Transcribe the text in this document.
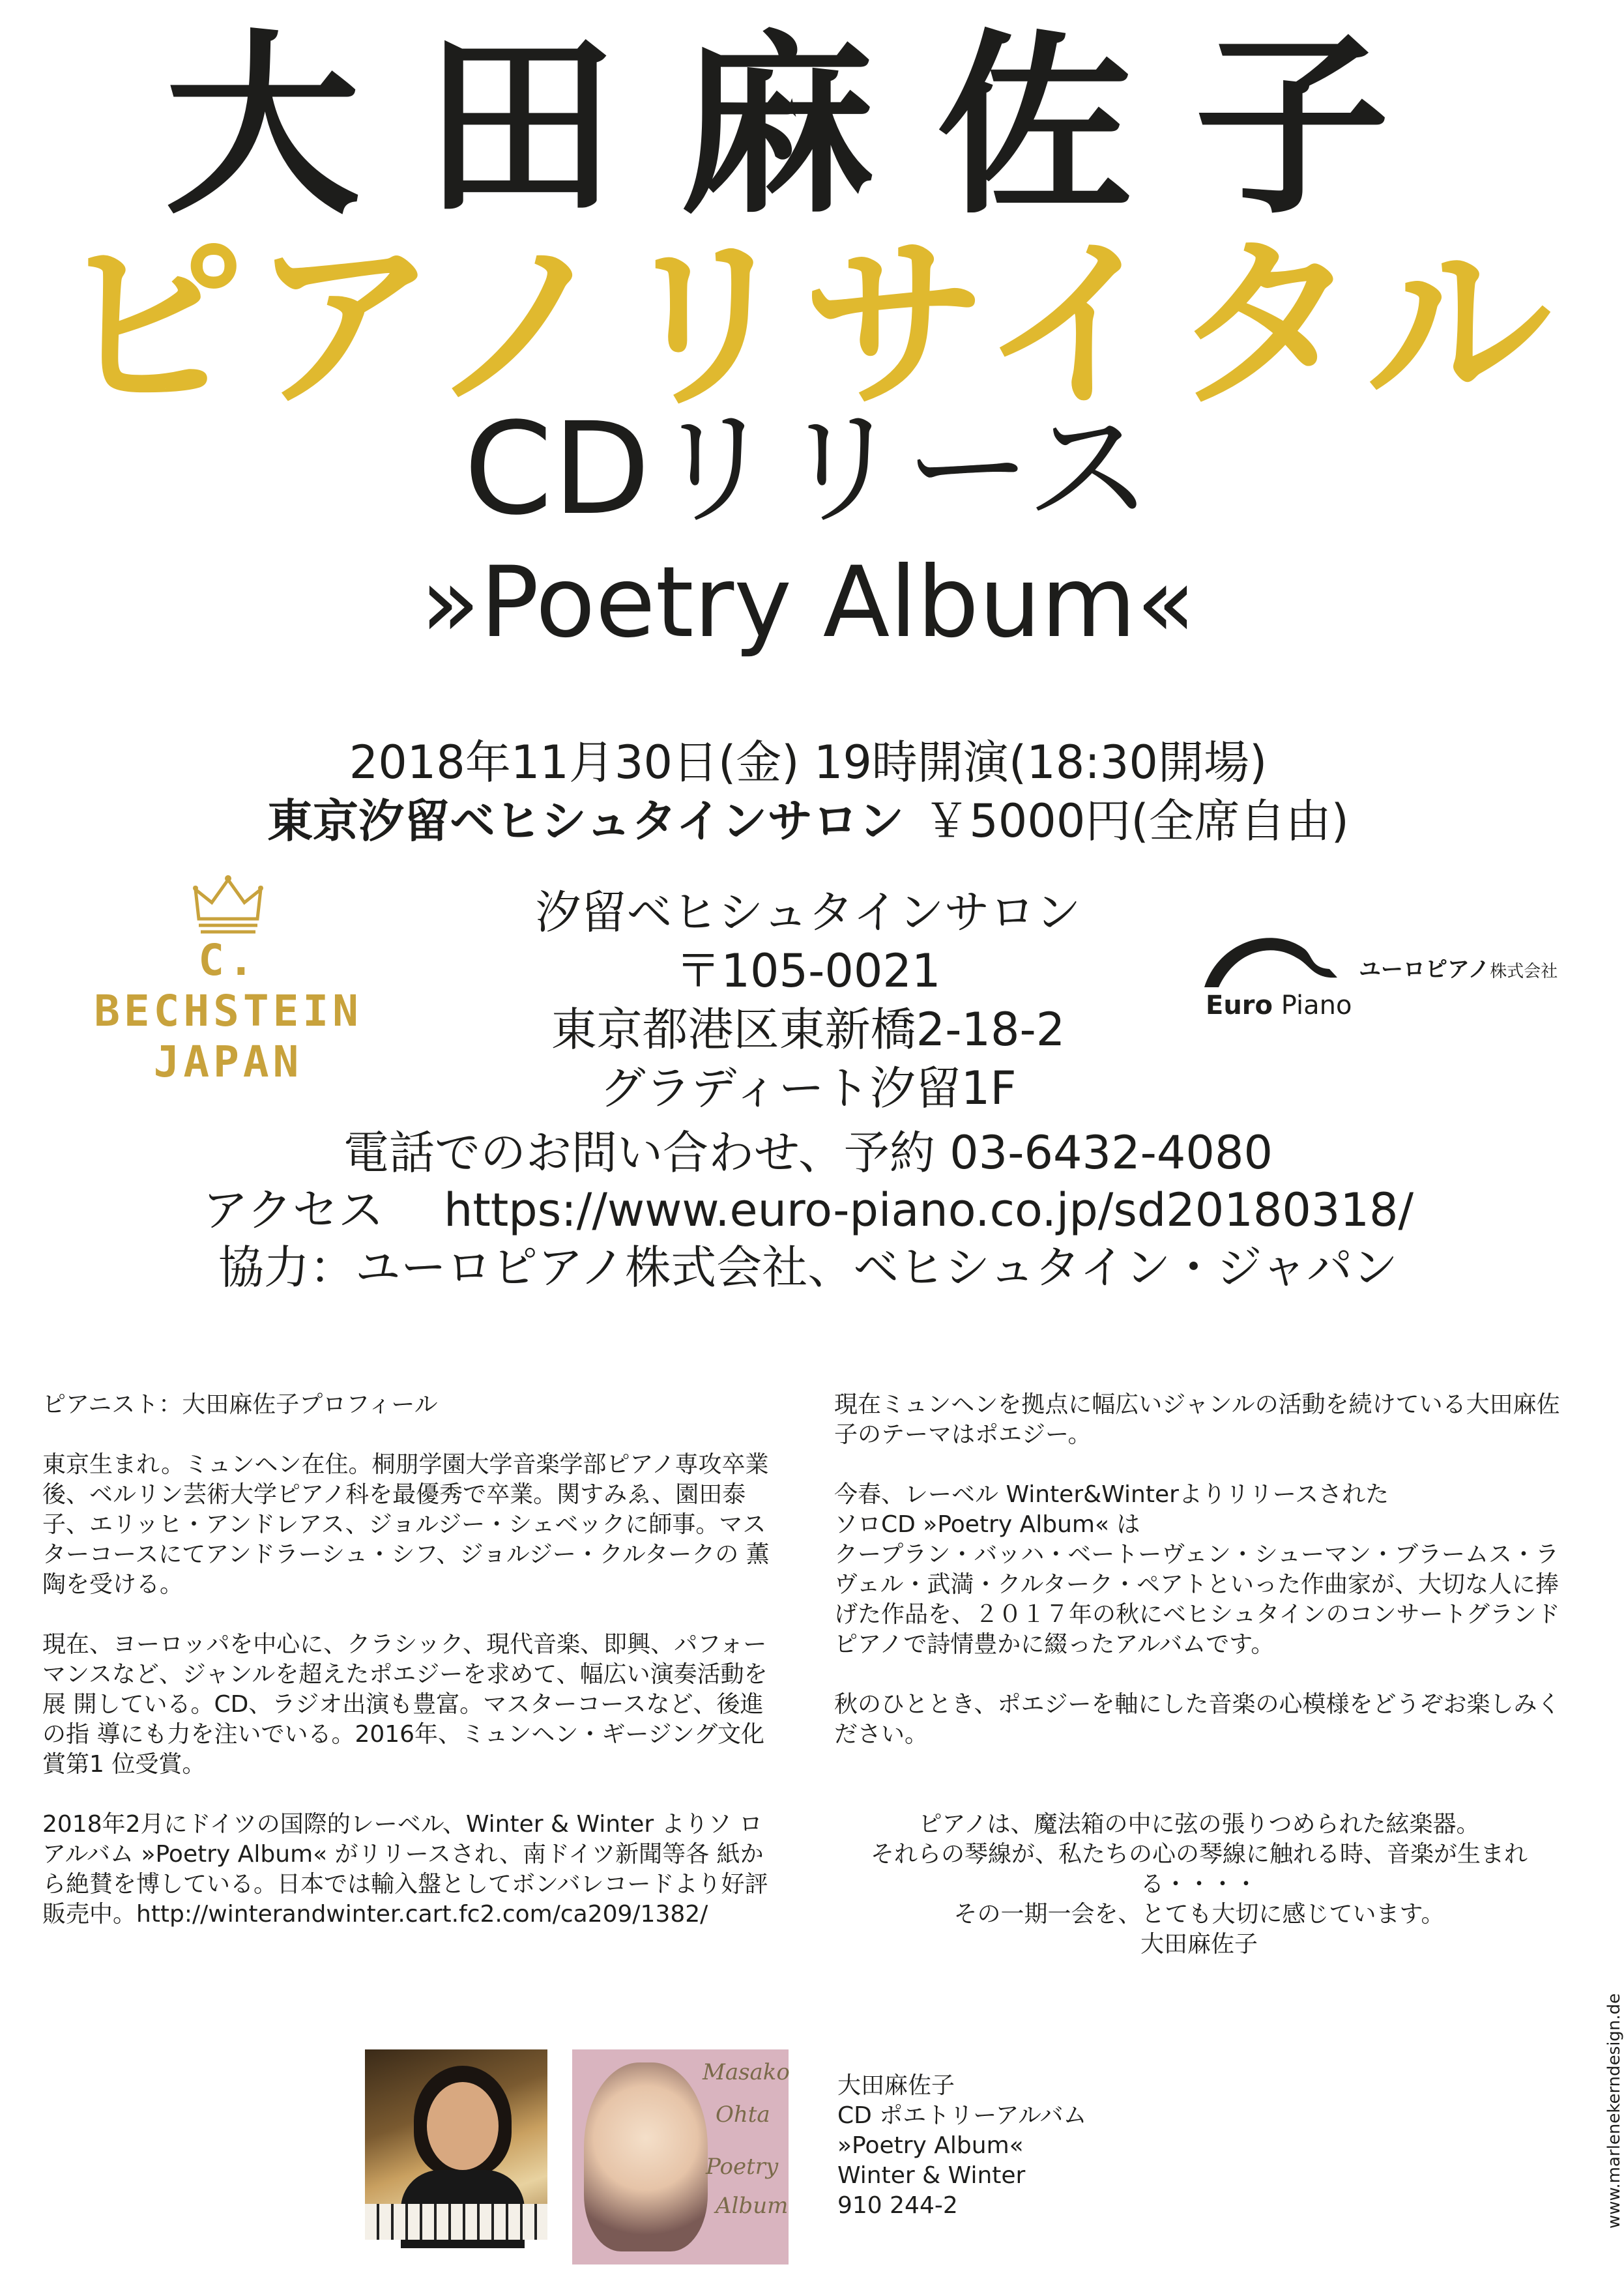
大田麻佐子
ピアノリサイタル
CDリリース
»Poetry Album«
2018年11月30日(金) 19時開演(18:30開場)
東京汐留ベヒシュタインサロン ￥5000円(全席自由)
C. BECHSTEIN
JAPAN
汐留ベヒシュタインサロン
〒105-0021
東京都港区東新橋2-18-2
グラディート汐留1F
Euro Piano
ユーロピアノ株式会社
電話でのお問い合わせ、予約 03-6432-4080
アクセス　 https://www.euro-piano.co.jp/sd20180318/
協力：ユーロピアノ株式会社、ベヒシュタイン・ジャパン

ピアニスト：大田麻佐子プロフィール

東京生まれ。ミュンヘン在住。桐朋学園大学音楽学部ピアノ専攻卒業後、ベルリン芸術大学ピアノ科を最優秀で卒業。関すみゑ、園田泰 子、エリッヒ・アンドレアス、ジョルジー・シェベックに師事。マスターコースにてアンドラーシュ・シフ、ジョルジー・クルタークの 薫陶を受ける。

現在、ヨーロッパを中心に、クラシック、現代音楽、即興、パフォーマンスなど、ジャンルを超えたポエジーを求めて、幅広い演奏活動を展 開している。CD、ラジオ出演も豊富。マスターコースなど、後進の指 導にも力を注いでいる。2016年、ミュンヘン・ギージング文化賞第1 位受賞。

2018年2月にドイツの国際的レーベル、Winter & Winter よりソ ロアルバム »Poetry Album« がリリースされ、南ドイツ新聞等各 紙から絶賛を博している。日本では輸入盤としてボンバレコードより好評販売中。http://winterandwinter.cart.fc2.com/ca209/1382/

現在ミュンヘンを拠点に幅広いジャンルの活動を続けている大田麻佐子のテーマはポエジー。

今春、レーベル Winter&Winterよりリリースされた
ソロCD »Poetry Album« は
クープラン・バッハ・ベートーヴェン・シューマン・ブラームス・ラヴェル・武満・クルターク・ペアトといった作曲家が、大切な人に捧げた作品を、２０１７年の秋にベヒシュタインのコンサートグランドピアノで詩情豊かに綴ったアルバムです。

秋のひととき、ポエジーを軸にした音楽の心模様をどうぞお楽しみください。

ピアノは、魔法箱の中に弦の張りつめられた絃楽器。
それらの琴線が、私たちの心の琴線に触れる時、音楽が生まれる・・・・
その一期一会を、とても大切に感じています。
大田麻佐子
Masako
Ohta
Poetry
Album
大田麻佐子
CD ポエトリーアルバム
»Poetry Album«
Winter & Winter
910 244-2	www.marlenekerndesign.de
